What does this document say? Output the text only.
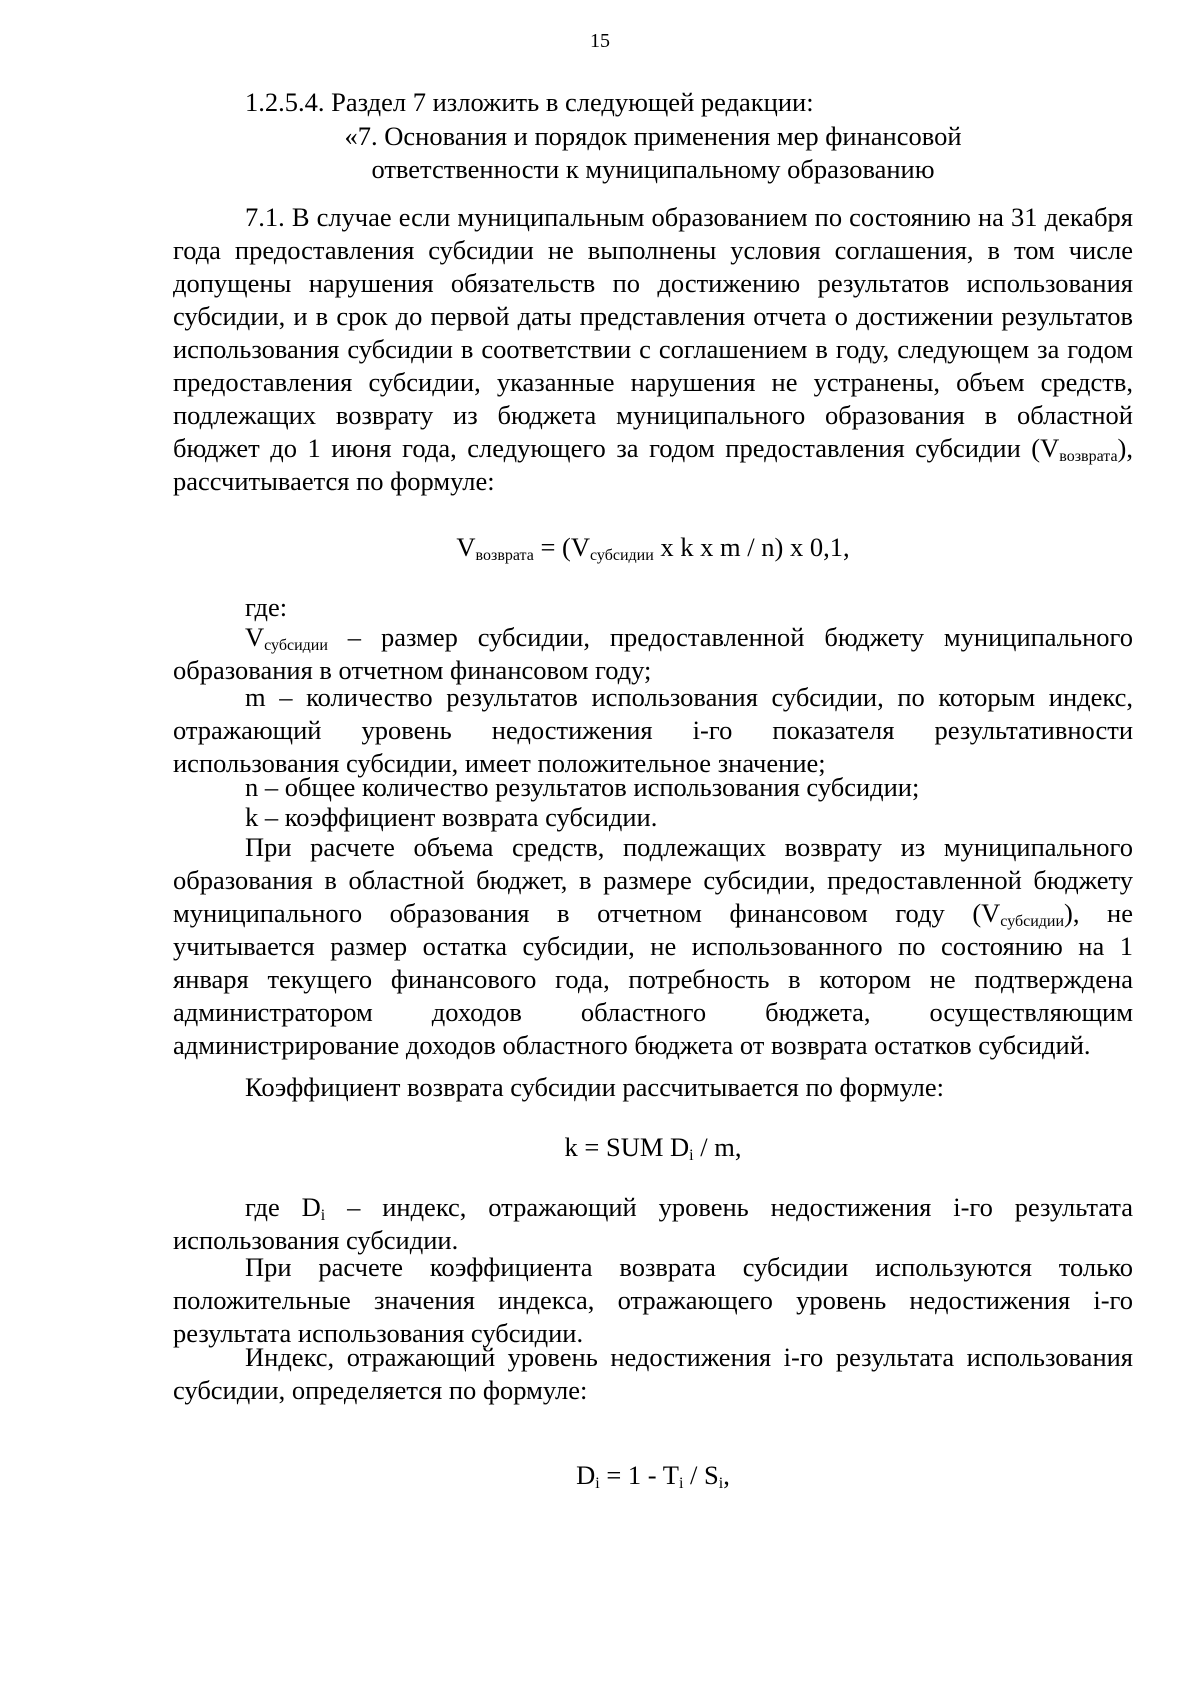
15
1.2.5.4. Раздел 7 изложить в следующей редакции:
«7. Основания и порядок применения мер финансовой
ответственности к муниципальному образованию
7.1. В случае если муниципальным образованием по состоянию на 31 декабря года предоставления субсидии не выполнены условия соглашения, в том числе допущены нарушения обязательств по достижению результатов использования субсидии, и в срок до первой даты представления отчета о достижении результатов использования субсидии в соответствии с соглашением в году, следующем за годом предоставления субсидии, указанные нарушения не устранены, объем средств, подлежащих возврату из бюджета муниципального образования в областной бюджет до 1 июня года, следующего за годом предоставления субсидии $(V_{возврата})$, рассчитывается по формуле:
$V_{возврата} = (V_{субсидии}$ x k x m / n) x 0,1,
где:
$V_{субсидии}$ – размер субсидии, предоставленной бюджету муниципального образования в отчетном финансовом году;
m – количество результатов использования субсидии, по которым индекс, отражающий уровень недостижения i-го показателя результативности использования субсидии, имеет положительное значение;
n – общее количество результатов использования субсидии;
k – коэффициент возврата субсидии.
При расчете объема средств, подлежащих возврату из муниципального образования в областной бюджет, в размере субсидии, предоставленной бюджету муниципального образования в отчетном финансовом году $(V_{субсидии})$, не учитывается размер остатка субсидии, не использованного по состоянию на 1 января текущего финансового года, потребность в котором не подтверждена администратором доходов областного бюджета, осуществляющим администрирование доходов областного бюджета от возврата остатков субсидий.
Коэффициент возврата субсидии рассчитывается по формуле:
k = SUM $D_i$ / m,
где $D_i$ – индекс, отражающий уровень недостижения i-го результата использования субсидии.
При расчете коэффициента возврата субсидии используются только положительные значения индекса, отражающего уровень недостижения i-го результата использования субсидии.
Индекс, отражающий уровень недостижения i-го результата использования субсидии, определяется по формуле:
$D_i = 1 - T_i / S_i$,
